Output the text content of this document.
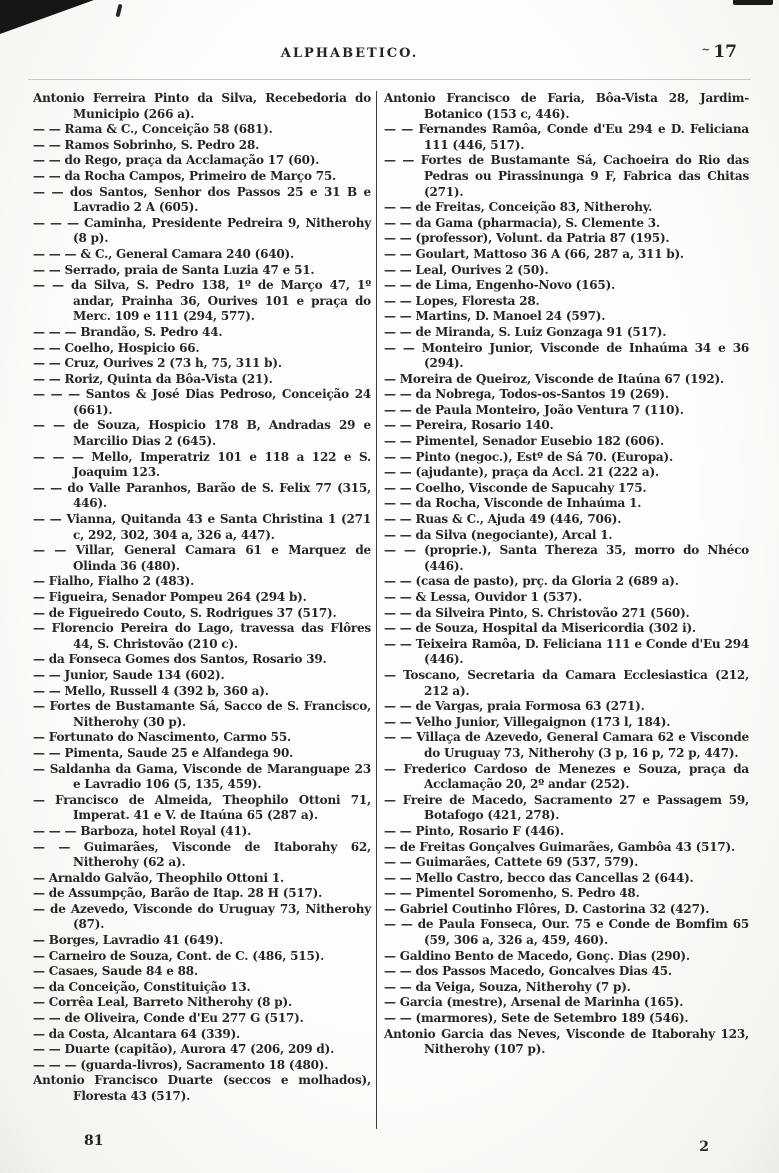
ALPHABETICO.	~ 17

Antonio Ferreira Pinto da Silva, Recebedoria do Municipio (266 a).

— — Rama & C., Conceição 58 (681).

— — Ramos Sobrinho, S. Pedro 28.

— — do Rego, praça da Acclamação 17 (60).

— — da Rocha Campos, Primeiro de Março 75.

— — dos Santos, Senhor dos Passos 25 e 31 B e Lavradio 2 A (605).

— — — Caminha, Presidente Pedreira 9, Nitherohy (8 p).

— — — & C., General Camara 240 (640).

— — Serrado, praia de Santa Luzia 47 e 51.

— — da Silva, S. Pedro 138, 1º de Março 47, 1º andar, Prainha 36, Ourives 101 e praça do Merc. 109 e 111 (294, 577).

— — — Brandão, S. Pedro 44.

— — Coelho, Hospicio 66.

— — Cruz, Ourives 2 (73 h, 75, 311 b).

— — Roriz, Quinta da Bôa-Vista (21).

— — — Santos & José Dias Pedroso, Conceição 24 (661).

— — de Souza, Hospicio 178 B, Andradas 29 e Marcilio Dias 2 (645).

— — — Mello, Imperatriz 101 e 118 a 122 e S. Joaquim 123.

— — do Valle Paranhos, Barão de S. Felix 77 (315, 446).

— — Vianna, Quitanda 43 e Santa Christina 1 (271 c, 292, 302, 304 a, 326 a, 447).

— — Villar, General Camara 61 e Marquez de Olinda 36 (480).

— Fialho, Fialho 2 (483).

— Figueira, Senador Pompeu 264 (294 b).

— de Figueiredo Couto, S. Rodrigues 37 (517).

— Florencio Pereira do Lago, travessa das Flôres 44, S. Christovão (210 c).

— da Fonseca Gomes dos Santos, Rosario 39.

— — Junior, Saude 134 (602).

— — Mello, Russell 4 (392 b, 360 a).

— Fortes de Bustamante Sá, Sacco de S. Francisco, Nitherohy (30 p).

— Fortunato do Nascimento, Carmo 55.

— — Pimenta, Saude 25 e Alfandega 90.

— Saldanha da Gama, Visconde de Maranguape 23 e Lavradio 106 (5, 135, 459).

— Francisco de Almeida, Theophilo Ottoni 71, Imperat. 41 e V. de Itaúna 65 (287 a).

— — — Barboza, hotel Royal (41).

— — Guimarães, Visconde de Itaborahy 62, Nitherohy (62 a).

— Arnaldo Galvão, Theophilo Ottoni 1.

— de Assumpção, Barão de Itap. 28 H (517).

— de Azevedo, Visconde do Uruguay 73, Nitherohy (87).

— Borges, Lavradio 41 (649).

— Carneiro de Souza, Cont. de C. (486, 515).

— Casaes, Saude 84 e 88.

— da Conceição, Constituição 13.

— Corrêa Leal, Barreto Nitherohy (8 p).

— — de Oliveira, Conde d'Eu 277 G (517).

— da Costa, Alcantara 64 (339).

— — Duarte (capitão), Aurora 47 (206, 209 d).

— — — (guarda-livros), Sacramento 18 (480).

Antonio Francisco Duarte (seccos e molhados), Floresta 43 (517).

Antonio Francisco de Faria, Bôa-Vista 28, Jardim-Botanico (153 c, 446).

— — Fernandes Ramôa, Conde d'Eu 294 e D. Feliciana 111 (446, 517).

— — Fortes de Bustamante Sá, Cachoeira do Rio das Pedras ou Pirassinunga 9 F, Fabrica das Chitas (271).

— — de Freitas, Conceição 83, Nitherohy.

— — da Gama (pharmacia), S. Clemente 3.

— — (professor), Volunt. da Patria 87 (195).

— — Goulart, Mattoso 36 A (66, 287 a, 311 b).

— — Leal, Ourives 2 (50).

— — de Lima, Engenho-Novo (165).

— — Lopes, Floresta 28.

— — Martins, D. Manoel 24 (597).

— — de Miranda, S. Luiz Gonzaga 91 (517).

— — Monteiro Junior, Visconde de Inhaúma 34 e 36 (294).

— Moreira de Queiroz, Visconde de Itaúna 67 (192).

— — da Nobrega, Todos-os-Santos 19 (269).

— — de Paula Monteiro, João Ventura 7 (110).

— — Pereira, Rosario 140.

— — Pimentel, Senador Eusebio 182 (606).

— — Pinto (negoc.), Estº de Sá 70. (Europa).

— — (ajudante), praça da Accl. 21 (222 a).

— — Coelho, Visconde de Sapucahy 175.

— — da Rocha, Visconde de Inhaúma 1.

— — Ruas & C., Ajuda 49 (446, 706).

— — da Silva (negociante), Arcal 1.

— — (proprie.), Santa Thereza 35, morro do Nhéco (446).

— — (casa de pasto), prç. da Gloria 2 (689 a).

— — & Lessa, Ouvidor 1 (537).

— — da Silveira Pinto, S. Christovão 271 (560).

— — de Souza, Hospital da Misericordia (302 i).

— — Teixeira Ramôa, D. Feliciana 111 e Conde d'Eu 294 (446).

— Toscano, Secretaria da Camara Ecclesiastica (212, 212 a).

— — de Vargas, praia Formosa 63 (271).

— — Velho Junior, Villegaignon (173 l, 184).

— — Villaça de Azevedo, General Camara 62 e Visconde do Uruguay 73, Nitherohy (3 p, 16 p, 72 p, 447).

— Frederico Cardoso de Menezes e Souza, praça da Acclamação 20, 2º andar (252).

— Freire de Macedo, Sacramento 27 e Passagem 59, Botafogo (421, 278).

— — Pinto, Rosario F (446).

— de Freitas Gonçalves Guimarães, Gambôa 43 (517).

— — Guimarães, Cattete 69 (537, 579).

— — Mello Castro, becco das Cancellas 2 (644).

— — Pimentel Soromenho, S. Pedro 48.

— Gabriel Coutinho Flôres, D. Castorina 32 (427).

— — de Paula Fonseca, Our. 75 e Conde de Bomfim 65 (59, 306 a, 326 a, 459, 460).

— Galdino Bento de Macedo, Gonç. Dias (290).

— — dos Passos Macedo, Goncalves Dias 45.

— — da Veiga, Souza, Nitherohy (7 p).

— Garcia (mestre), Arsenal de Marinha (165).

— — (marmores), Sete de Setembro 189 (546).

Antonio Garcia das Neves, Visconde de Itaborahy 123, Nitherohy (107 p).

81	2
